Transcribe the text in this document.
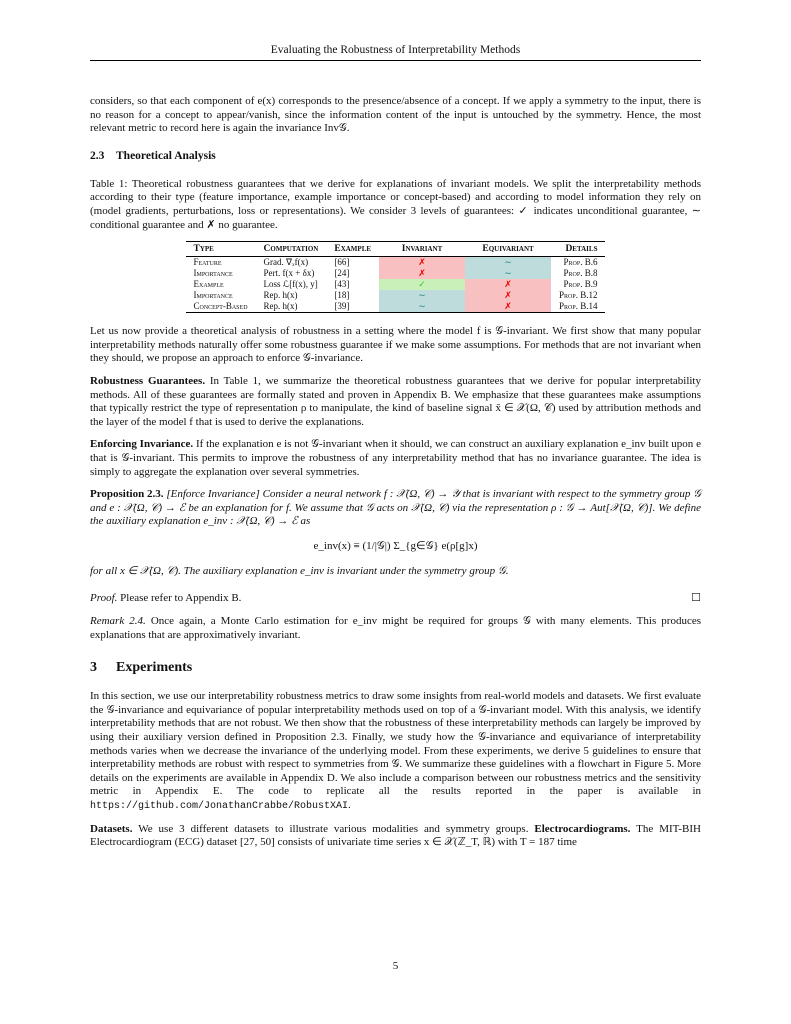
Evaluating the Robustness of Interpretability Methods

considers, so that each component of e(x) corresponds to the presence/absence of a concept. If we apply a symmetry to the input, there is no reason for a concept to appear/vanish, since the information content of the input is untouched by the symmetry. Hence, the most relevant metric to record here is again the invariance Inv𝒢.

2.3 Theoretical Analysis

Table 1: Theoretical robustness guarantees that we derive for explanations of invariant models. We split the interpretability methods according to their type (feature importance, example importance or concept-based) and according to model information they rely on (model gradients, perturbations, loss or representations). We consider 3 levels of guarantees: ✓ indicates unconditional guarantee, ∼ conditional guarantee and ✗ no guarantee.

Type	Computation	Example	Invariant	Equivariant	Details
Feature	Grad. ∇ₓf(x)	[66]	✗	∼	Prop. B.6
Importance	Pert. f(x + δx)	[24]	✗	∼	Prop. B.8
Example	Loss ℒ[f(x), y]	[43]	✓	✗	Prop. B.9
Importance	Rep. h(x)	[18]	∼	✗	Prop. B.12
Concept-Based	Rep. h(x)	[39]	∼	✗	Prop. B.14

Let us now provide a theoretical analysis of robustness in a setting where the model f is 𝒢-invariant. We first show that many popular interpretability methods naturally offer some robustness guarantee if we make some assumptions. For methods that are not invariant when they should, we propose an approach to enforce 𝒢-invariance.

Robustness Guarantees. In Table 1, we summarize the theoretical robustness guarantees that we derive for popular interpretability methods. All of these guarantees are formally stated and proven in Appendix B. We emphasize that these guarantees make assumptions that typically restrict the type of representation ρ to manipulate, the kind of baseline signal x̄ ∈ 𝒳(Ω, 𝒞) used by attribution methods and the layer of the model f that is used to derive the explanations.

Enforcing Invariance. If the explanation e is not 𝒢-invariant when it should, we can construct an auxiliary explanation e_inv built upon e that is 𝒢-invariant. This permits to improve the robustness of any interpretability method that has no invariance guarantee. The idea is simply to aggregate the explanation over several symmetries.

Proposition 2.3. [Enforce Invariance] Consider a neural network f : 𝒳(Ω, 𝒞) → 𝒴 that is invariant with respect to the symmetry group 𝒢 and e : 𝒳(Ω, 𝒞) → ℰ be an explanation for f. We assume that 𝒢 acts on 𝒳(Ω, 𝒞) via the representation ρ : 𝒢 → Aut[𝒳(Ω, 𝒞)]. We define the auxiliary explanation e_inv : 𝒳(Ω, 𝒞) → ℰ as

e_inv(x) ≡ (1/|𝒢|) Σ_{g∈𝒢} e(ρ[g]x)

for all x ∈ 𝒳(Ω, 𝒞). The auxiliary explanation e_inv is invariant under the symmetry group 𝒢.

Proof. Please refer to Appendix B.	☐

Remark 2.4. Once again, a Monte Carlo estimation for e_inv might be required for groups 𝒢 with many elements. This produces explanations that are approximatively invariant.

3 Experiments

In this section, we use our interpretability robustness metrics to draw some insights from real-world models and datasets. We first evaluate the 𝒢-invariance and equivariance of popular interpretability methods used on top of a 𝒢-invariant model. With this analysis, we identify interpretability methods that are not robust. We then show that the robustness of these interpretability methods can largely be improved by using their auxiliary version defined in Proposition 2.3. Finally, we study how the 𝒢-invariance and equivariance of interpretability methods varies when we decrease the invariance of the underlying model. From these experiments, we derive 5 guidelines to ensure that interpretability methods are robust with respect to symmetries from 𝒢. We summarize these guidelines with a flowchart in Figure 5. More details on the experiments are available in Appendix D. We also include a comparison between our robustness metrics and the sensitivity metric in Appendix E. The code to replicate all the results reported in the paper is available in https://github.com/JonathanCrabbe/RobustXAI.

Datasets. We use 3 different datasets to illustrate various modalities and symmetry groups. Electrocardiograms. The MIT-BIH Electrocardiogram (ECG) dataset [27, 50] consists of univariate time series x ∈ 𝒳(ℤ_T, ℝ) with T = 187 time

5
